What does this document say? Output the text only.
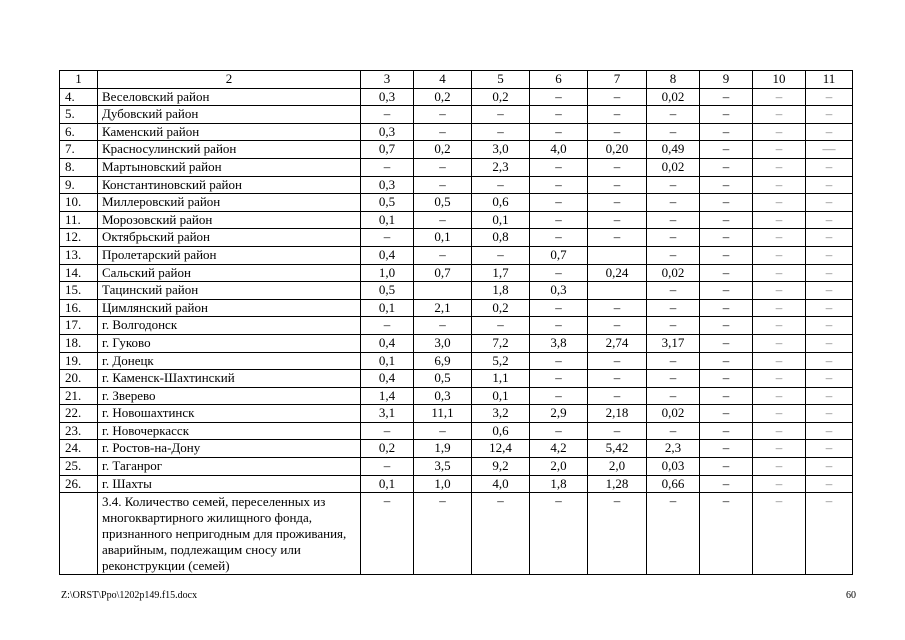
1	2	3	4	5	6	7	8	9	10	11
4.	Веселовский район	0,3	0,2	0,2	–	–	0,02	–	–	–
5.	Дубовский район	–	–	–	–	–	–	–	–	–
6.	Каменский район	0,3	–	–	–	–	–	–	–	–
7.	Красносулинский район	0,7	0,2	3,0	4,0	0,20	0,49	–	–	—
8.	Мартыновский район	–	–	2,3	–	–	0,02	–	–	–
9.	Константиновский район	0,3	–	–	–	–	–	–	–	–
10.	Миллеровский район	0,5	0,5	0,6	–	–	–	–	–	–
11.	Морозовский район	0,1	–	0,1	–	–	–	–	–	–
12.	Октябрьский район	–	0,1	0,8	–	–	–	–	–	–
13.	Пролетарский район	0,4	–	–	0,7		–	–	–	–
14.	Сальский район	1,0	0,7	1,7	–	0,24	0,02	–	–	–
15.	Тацинский район	0,5		1,8	0,3		–	–	–	–
16.	Цимлянский район	0,1	2,1	0,2	–	–	–	–	–	–
17.	г. Волгодонск	–	–	–	–	–	–	–	–	–
18.	г. Гуково	0,4	3,0	7,2	3,8	2,74	3,17	–	–	–
19.	г. Донецк	0,1	6,9	5,2	–	–	–	–	–	–
20.	г. Каменск-Шахтинский	0,4	0,5	1,1	–	–	–	–	–	–
21.	г. Зверево	1,4	0,3	0,1	–	–	–	–	–	–
22.	г. Новошахтинск	3,1	11,1	3,2	2,9	2,18	0,02	–	–	–
23.	г. Новочеркасск	–	–	0,6	–	–	–	–	–	–
24.	г. Ростов-на-Дону	0,2	1,9	12,4	4,2	5,42	2,3	–	–	–
25.	г. Таганрог	–	3,5	9,2	2,0	2,0	0,03	–	–	–
26.	г. Шахты	0,1	1,0	4,0	1,8	1,28	0,66	–	–	–
	3.4. Количество семей, переселенных из многоквартирного жилищного фонда, признанного непригодным для проживания, аварийным, подлежащим сносу или реконструкции (семей)	–	–	–	–	–	–	–	–	–
Z:\ORST\Ppo\1202p149.f15.docx	60
